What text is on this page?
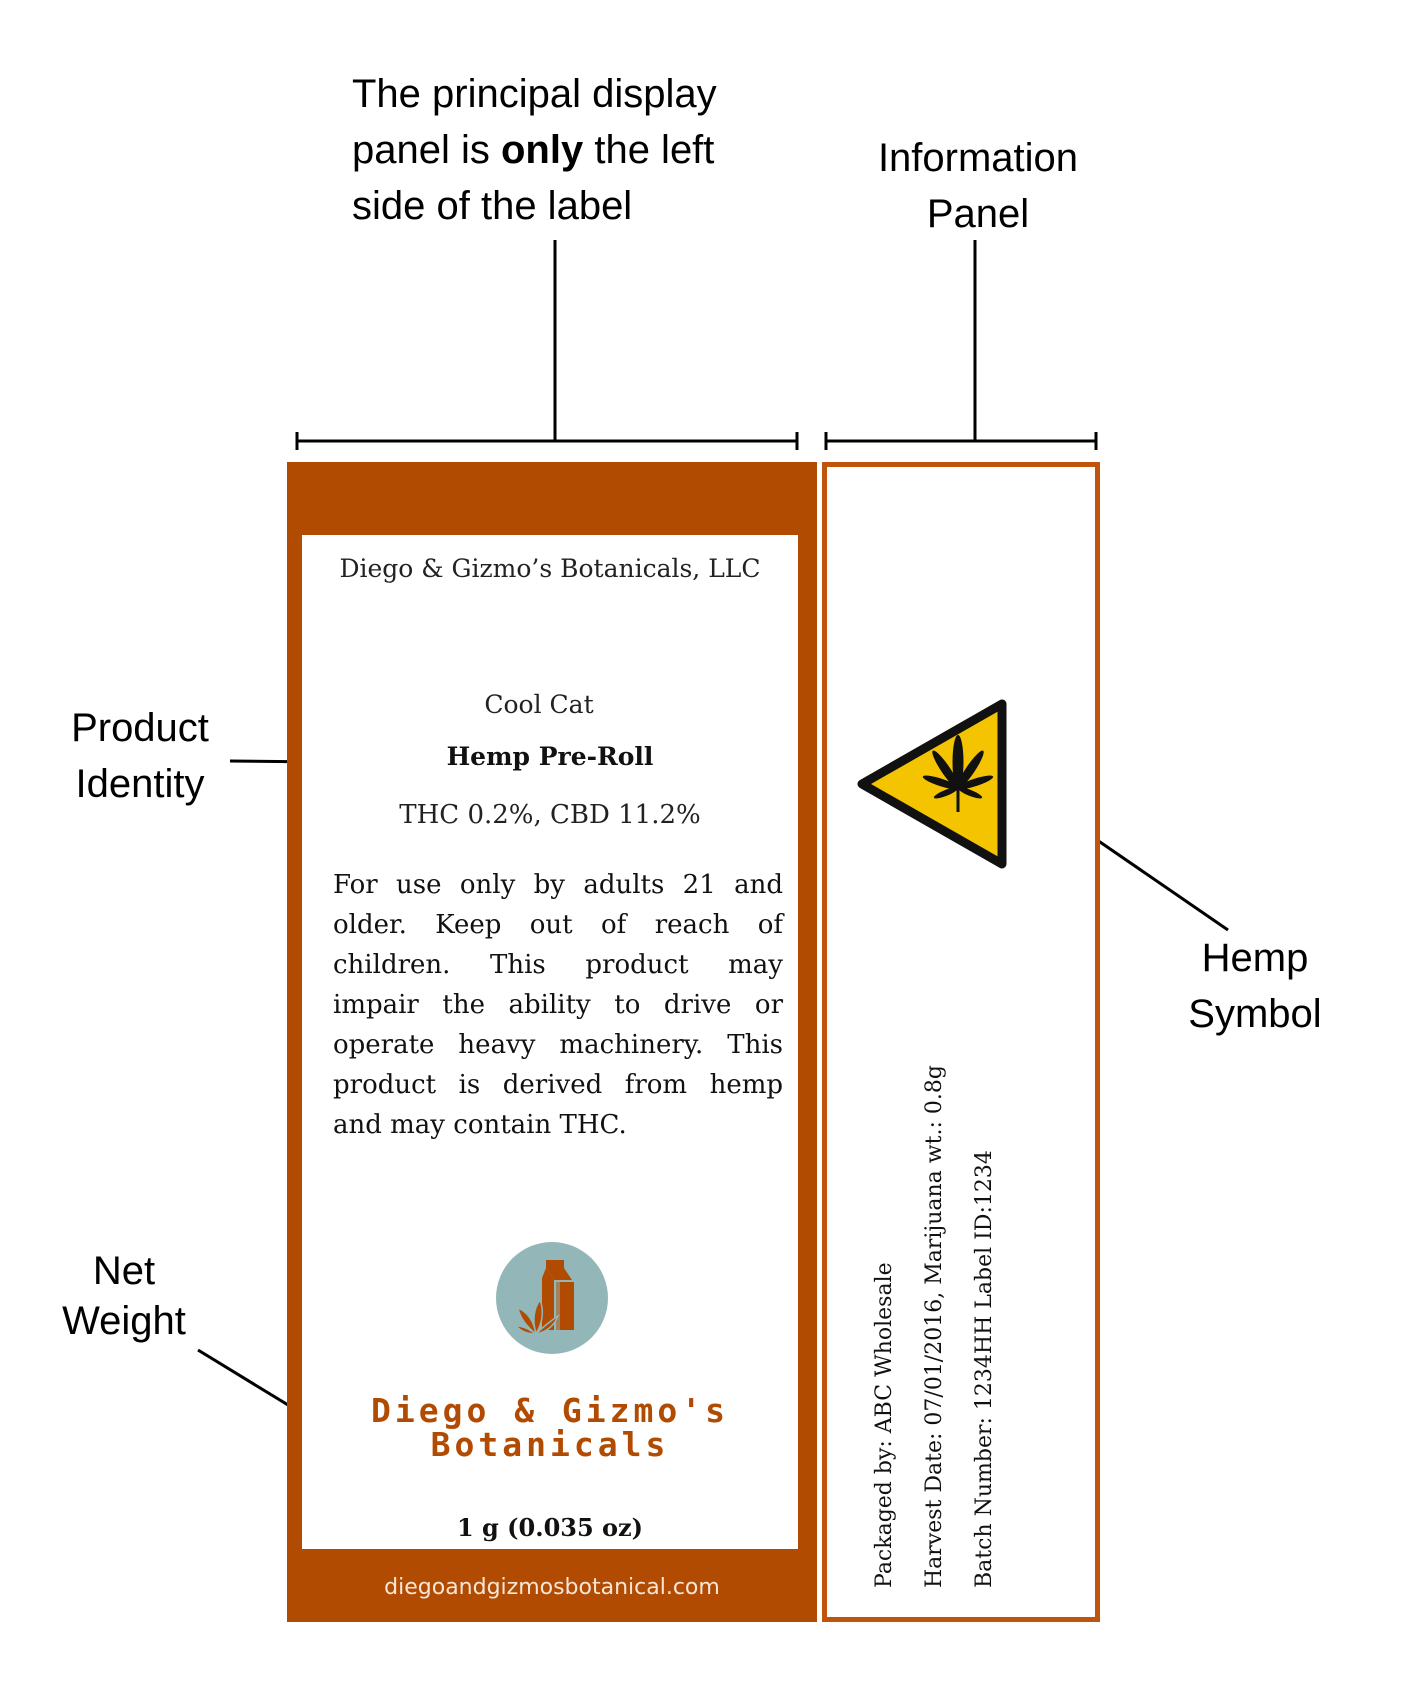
The principal display
panel is only the left
side of the label
Information
Panel
Product
Identity
Hemp
Symbol
Net
Weight
Diego & Gizmo’s Botanicals, LLC
Cool Cat
Hemp Pre-Roll
THC 0.2%, CBD 11.2%
For use only by adults 21 and older. Keep out of reach of children. This product may impair the ability to drive or operate heavy machinery. This product is derived from hemp and may contain THC.
Diego & Gizmo's
Botanicals
1 g (0.035 oz)
diegoandgizmosbotanical.com	Packaged by: ABC Wholesale	Harvest Date: 07/01/2016, Marijuana wt.: 0.8g	Batch Number: 1234HH Label ID:1234
